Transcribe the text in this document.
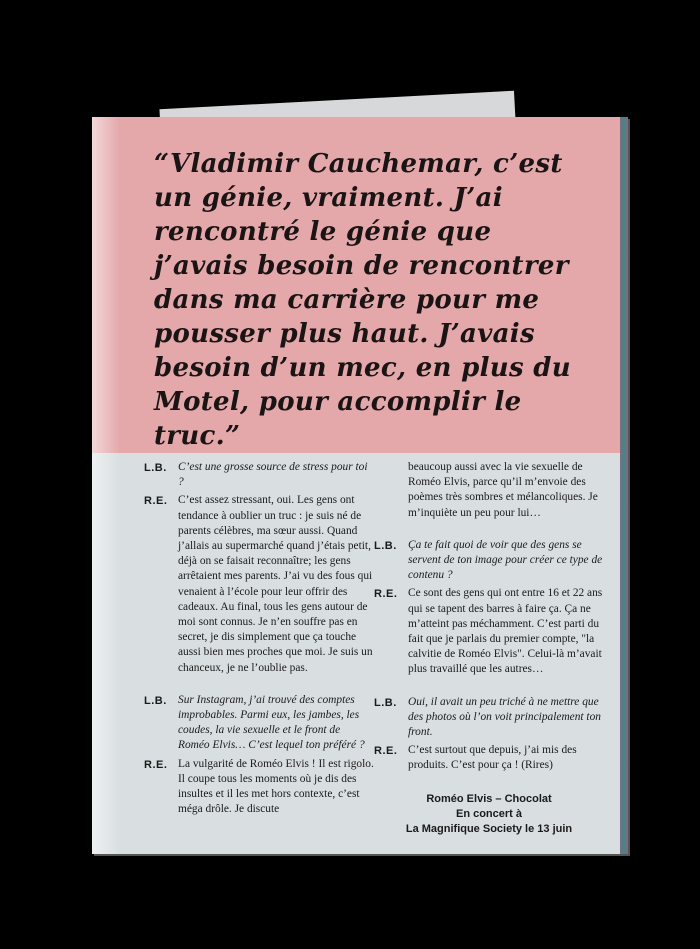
“Vladimir Cauchemar, c’est un génie, vraiment. J’ai rencontré le génie que j’avais besoin de rencontrer dans ma carrière pour me pousser plus haut. J’avais besoin d’un mec, en plus du Motel, pour accomplir le truc.”

L.B. C’est une grosse source de stress pour toi ?
R.E. C’est assez stressant, oui. Les gens ont tendance à oublier un truc : je suis né de parents célèbres, ma sœur aussi. Quand j’allais au supermarché quand j’étais petit, déjà on se faisait reconnaître; les gens arrêtaient mes parents. J’ai vu des fous qui venaient à l’école pour leur offrir des cadeaux. Au final, tous les gens autour de moi sont connus. Je n’en souffre pas en secret, je dis simplement que ça touche aussi bien mes proches que moi. Je suis un chanceux, je ne l’oublie pas.
L.B. Sur Instagram, j’ai trouvé des comptes improbables. Parmi eux, les jambes, les coudes, la vie sexuelle et le front de Roméo Elvis… C’est lequel ton préféré ?
R.E. La vulgarité de Roméo Elvis ! Il est rigolo. Il coupe tous les moments où je dis des insultes et il les met hors contexte, c’est méga drôle. Je discute

beaucoup aussi avec la vie sexuelle de Roméo Elvis, parce qu’il m’envoie des poèmes très sombres et mélancoliques. Je m’inquiète un peu pour lui…

L.B. Ça te fait quoi de voir que des gens se servent de ton image pour créer ce type de contenu ?
R.E. Ce sont des gens qui ont entre 16 et 22 ans qui se tapent des barres à faire ça. Ça ne m’atteint pas méchamment. C’est parti du fait que je parlais du premier compte, "la calvitie de Roméo Elvis". Celui-là m’avait plus travaillé que les autres…
L.B. Oui, il avait un peu triché à ne mettre que des photos où l’on voit principalement ton front.
R.E. C’est surtout que depuis, j’ai mis des produits. C’est pour ça ! (Rires)
Roméo Elvis – Chocolat
En concert à
La Magnifique Society le 13 juin
